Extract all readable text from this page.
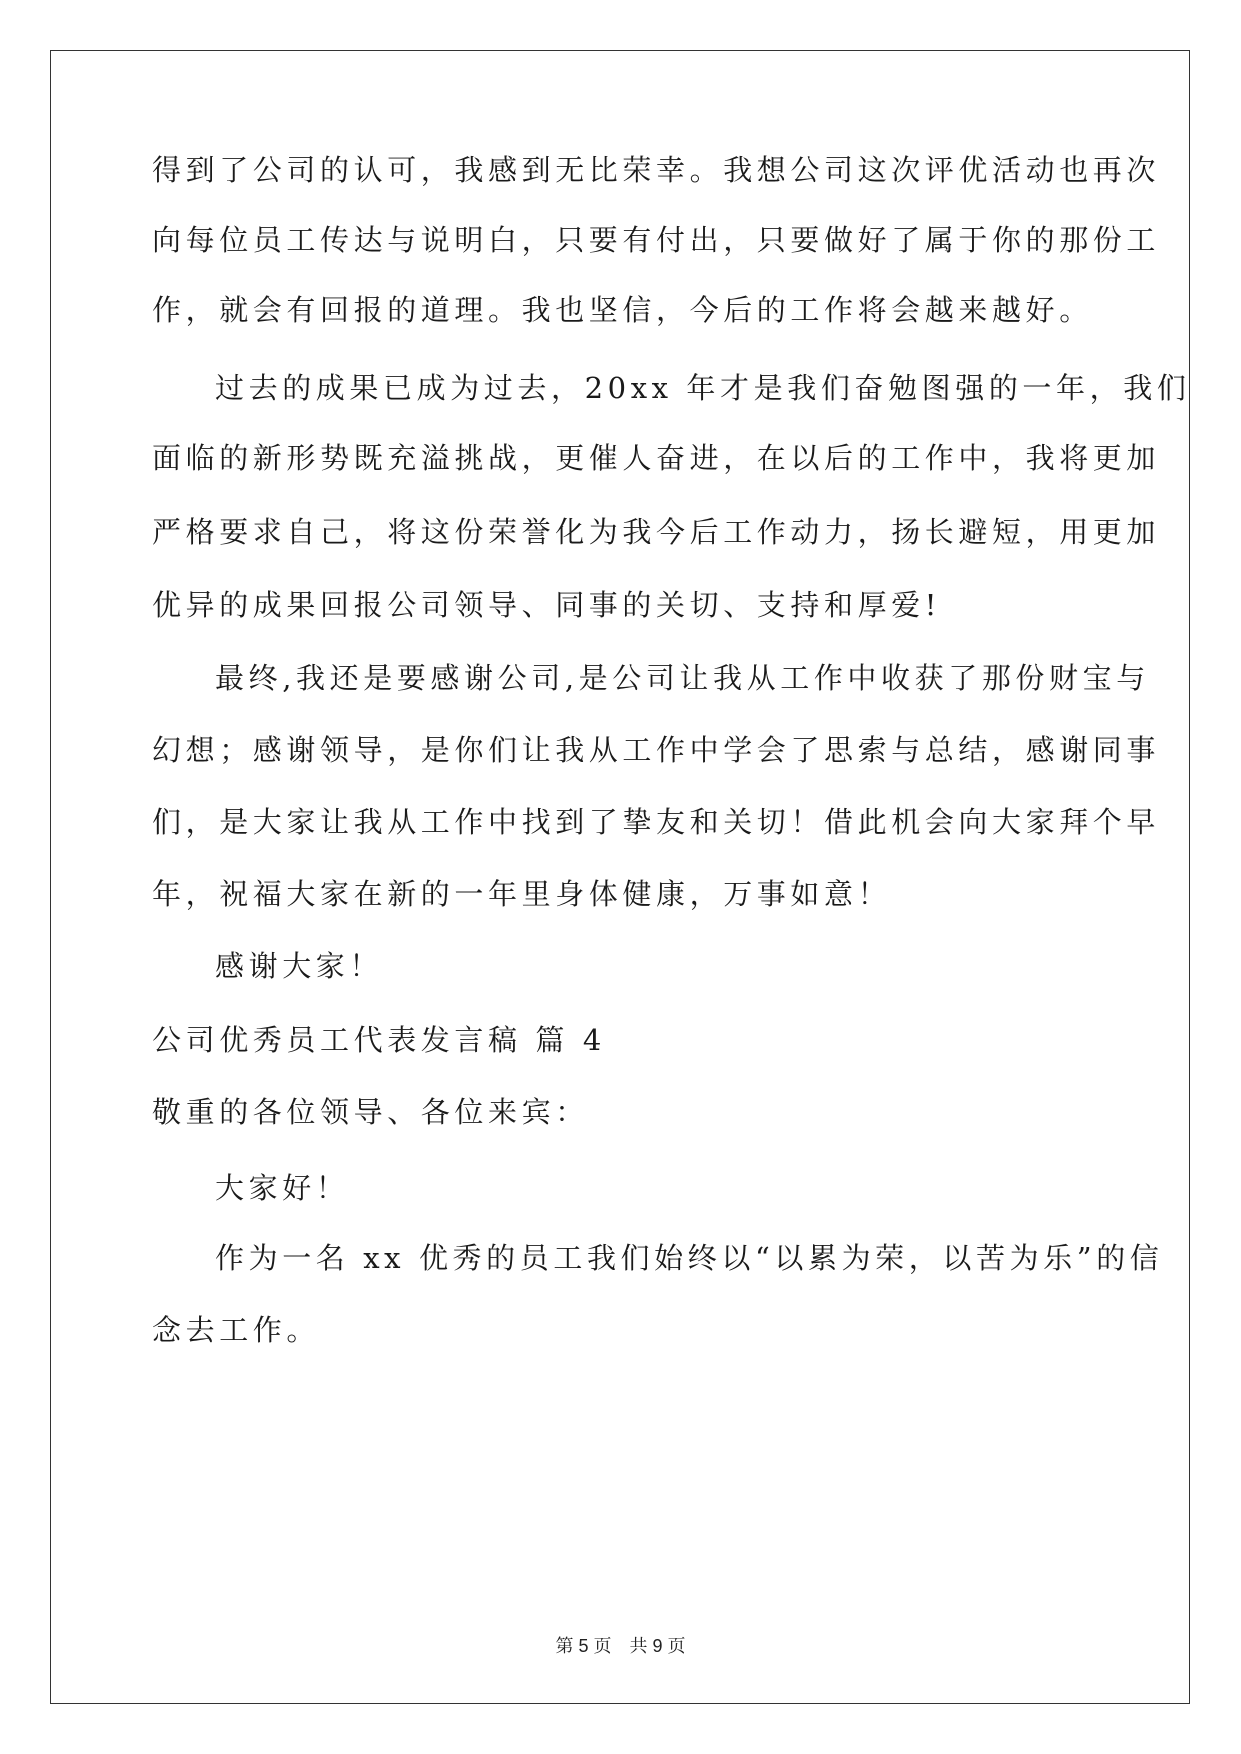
得到了公司的认可，我感到无比荣幸。我想公司这次评优活动也再次
向每位员工传达与说明白，只要有付出，只要做好了属于你的那份工
作，就会有回报的道理。我也坚信，今后的工作将会越来越好。
过去的成果已成为过去，20xx 年才是我们奋勉图强的一年，我们
面临的新形势既充溢挑战，更催人奋进，在以后的工作中，我将更加
严格要求自己，将这份荣誉化为我今后工作动力，扬长避短，用更加
优异的成果回报公司领导、同事的关切、支持和厚爱!
最终,我还是要感谢公司,是公司让我从工作中收获了那份财宝与
幻想；感谢领导，是你们让我从工作中学会了思索与总结，感谢同事
们，是大家让我从工作中找到了挚友和关切！借此机会向大家拜个早
年，祝福大家在新的一年里身体健康，万事如意！
感谢大家！
公司优秀员工代表发言稿 篇 4
敬重的各位领导、各位来宾：
大家好！
作为一名 xx 优秀的员工我们始终以“以累为荣，以苦为乐”的信
念去工作。
第 5 页　共 9 页
